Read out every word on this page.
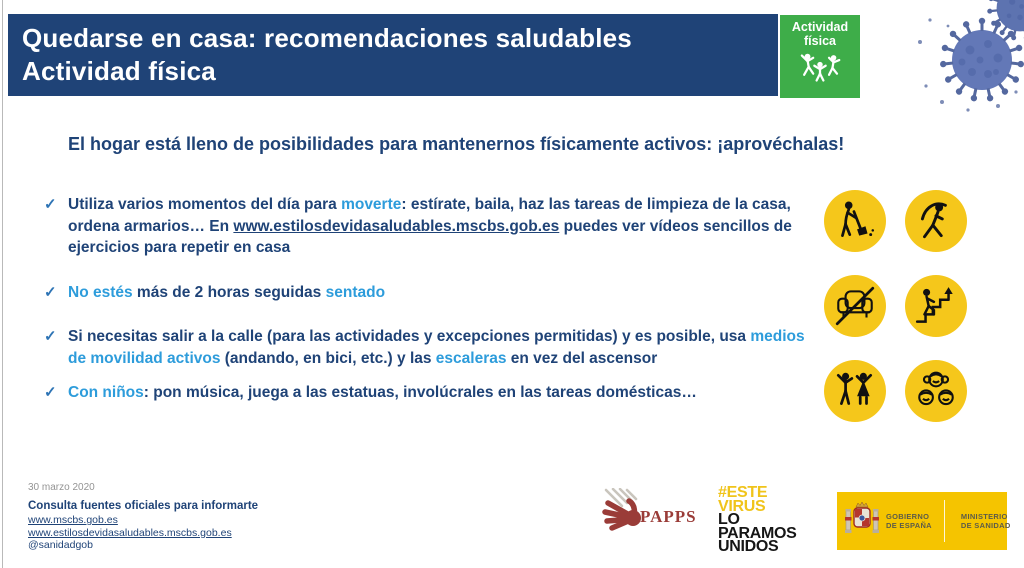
Quedarse en casa: recomendaciones saludables
Actividad física
Actividad
física
El hogar está lleno de posibilidades para mantenernos físicamente activos: ¡aprovéchalas!
✓ Utiliza varios momentos del día para moverte: estírate, baila, haz las tareas de limpieza de la casa, ordena armarios… En www.estilosdevidasaludables.mscbs.gob.es puedes ver vídeos sencillos de ejercicios para repetir en casa
✓ No estés más de 2 horas seguidas sentado
✓ Si necesitas salir a la calle (para las actividades y excepciones permitidas) y es posible, usa medios de movilidad activos (andando, en bici, etc.) y las escaleras en vez del ascensor
✓ Con niños: pon música, juega a las estatuas, involúcrales en las tareas domésticas…
30 marzo 2020
Consulta fuentes oficiales para informarte
www.mscbs.gob.es
www.estilosdevidasaludables.mscbs.gob.es
@sanidadgob
PAPPS
#ESTE
VIRUS
LO
PARAMOS
UNIDOS
GOBIERNO
DE ESPAÑA
MINISTERIO
DE SANIDAD
